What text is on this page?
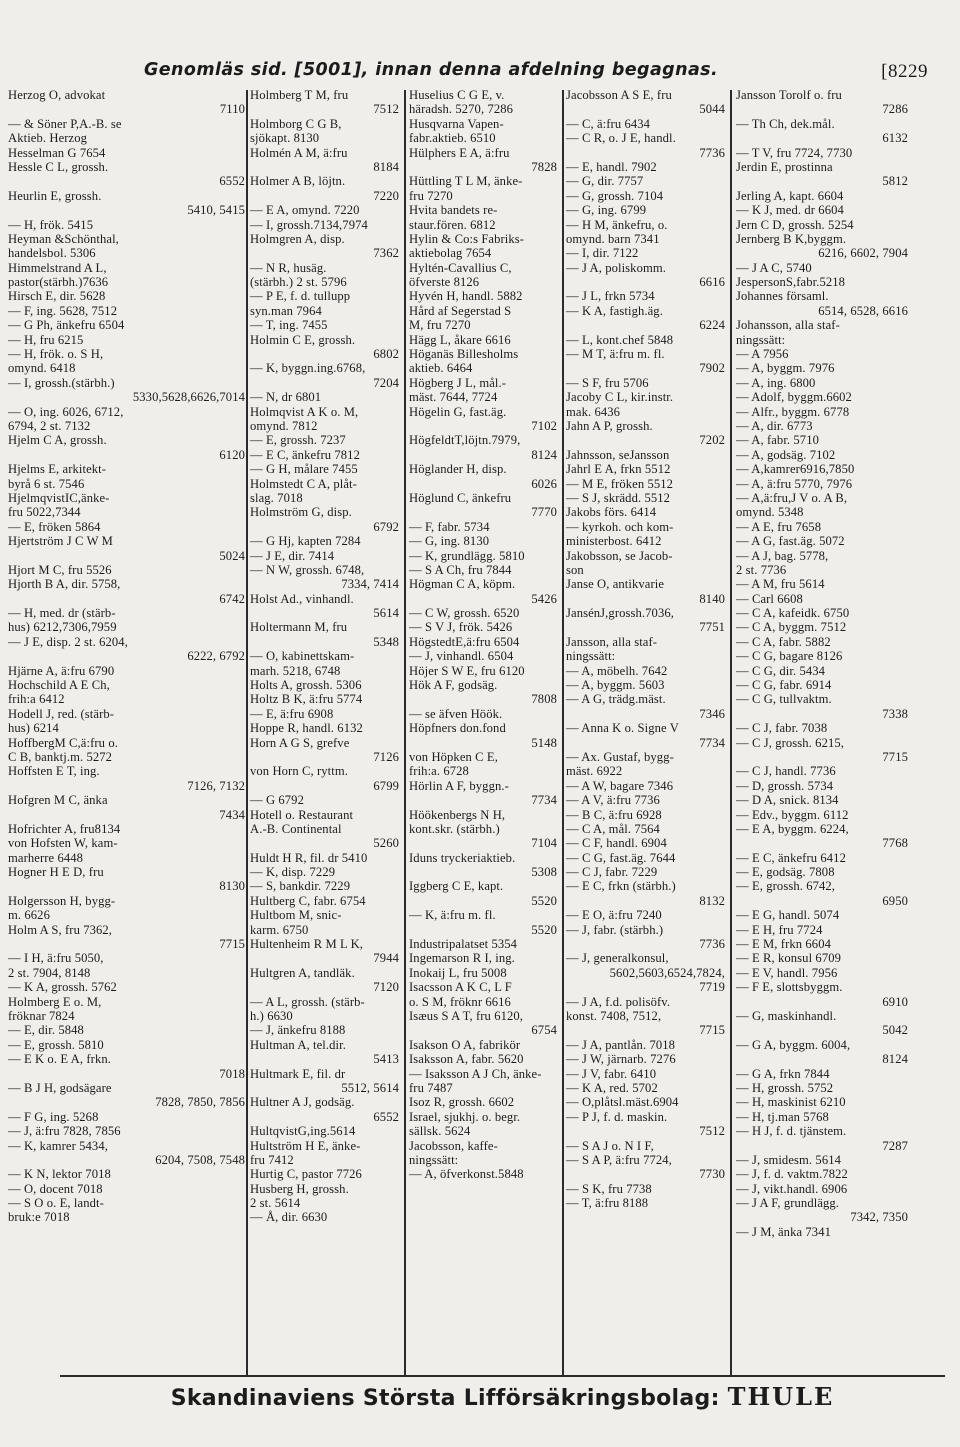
Genomläs sid. [5001], innan denna afdelning begagnas.	[8229
Herzog O, advokat
7110
— & Söner P,A.-B. se
Aktieb. Herzog
Hesselman G 7654
Hessle C L, grossh.
6552
Heurlin E, grossh.
5410, 5415
— H, frök. 5415
Heyman &Schönthal,
handelsbol. 5306
Himmelstrand A L,
pastor(stärbh.)7636
Hirsch E, dir. 5628
— F, ing. 5628, 7512
— G Ph, änkefru 6504
— H, fru 6215
— H, frök. o. S H,
omynd. 6418
— I, grossh.(stärbh.)
5330,5628,6626,7014
— O, ing. 6026, 6712,
6794, 2 st. 7132
Hjelm C A, grossh.
6120
Hjelms E, arkitekt-
byrå 6 st. 7546
HjelmqvistIC,änke-
fru 5022,7344
— E, fröken 5864
Hjertström J C W M
5024
Hjort M C, fru 5526
Hjorth B A, dir. 5758,
6742
— H, med. dr (stärb-
hus) 6212,7306,7959
— J E, disp. 2 st. 6204,
6222, 6792
Hjärne A, ä:fru 6790
Hochschild A E Ch,
frih:a 6412
Hodell J, red. (stärb-
hus) 6214
HoffbergM C,ä:fru o.
C B, banktj.m. 5272
Hoffsten E T, ing.
7126, 7132
Hofgren M C, änka
7434
Hofrichter A, fru8134
von Hofsten W, kam-
marherre 6448
Hogner H E D, fru
8130
Holgersson H, bygg-
m. 6626
Holm A S, fru 7362,
7715
— I H, ä:fru 5050,
2 st. 7904, 8148
— K A, grossh. 5762
Holmberg E o. M,
fröknar 7824
— E, dir. 5848
— E, grossh. 5810
— E K o. E A, frkn.
7018
— B J H, godsägare
7828, 7850, 7856
— F G, ing. 5268
— J, ä:fru 7828, 7856
— K, kamrer 5434,
6204, 7508, 7548
— K N, lektor 7018
— O, docent 7018
— S O o. E, landt-
bruk:e 7018
Holmberg T M, fru
7512
Holmborg C G B,
sjökapt. 8130
Holmén A M, ä:fru
8184
Holmer A B, löjtn.
7220
— E A, omynd. 7220
— I, grossh.7134,7974
Holmgren A, disp.
7362
— N R, husäg.
(stärbh.) 2 st. 5796
— P E, f. d. tullupp
syn.man 7964
— T, ing. 7455
Holmin C E, grossh.
6802
— K, byggn.ing.6768,
7204
— N, dr 6801
Holmqvist A K o. M,
omynd. 7812
— E, grossh. 7237
— E C, änkefru 7812
— G H, målare 7455
Holmstedt C A, plåt-
slag. 7018
Holmström G, disp.
6792
— G Hj, kapten 7284
— J E, dir. 7414
— N W, grossh. 6748,
7334, 7414
Holst Ad., vinhandl.
5614
Holtermann M, fru
5348
— O, kabinettskam-
marh. 5218, 6748
Holts A, grossh. 5306
Holtz B K, ä:fru 5774
— E, ä:fru 6908
Hoppe R, handl. 6132
Horn A G S, grefve
7126
von Horn C, ryttm.
6799
— G 6792
Hotell o. Restaurant
A.-B. Continental
5260
Huldt H R, fil. dr 5410
— K, disp. 7229
— S, bankdir. 7229
Hultberg C, fabr. 6754
Hultbom M, snic-
karm. 6750
Hultenheim R M L K,
7944
Hultgren A, tandläk.
7120
— A L, grossh. (stärb-
h.) 6630
— J, änkefru 8188
Hultman A, tel.dir.
5413
Hultmark E, fil. dr
5512, 5614
Hultner A J, godsäg.
6552
HultqvistG,ing.5614
Hultström H E, änke-
fru 7412
Hurtig C, pastor 7726
Husberg H, grossh.
2 st. 5614
— Å, dir. 6630
Huselius C G E, v.
häradsh. 5270, 7286
Husqvarna Vapen-
fabr.aktieb. 6510
Hülphers E A, ä:fru
7828
Hüttling T L M, änke-
fru 7270
Hvita bandets re-
staur.fören. 6812
Hylin & Co:s Fabriks-
aktiebolag 7654
Hyltén-Cavallius C,
öfverste 8126
Hyvén H, handl. 5882
Hård af Segerstad S
M, fru 7270
Hägg L, åkare 6616
Höganäs Billesholms
aktieb. 6464
Högberg J L, mål.-
mäst. 7644, 7724
Högelin G, fast.äg.
7102
HögfeldtT,löjtn.7979,
8124
Höglander H, disp.
6026
Höglund C, änkefru
7770
— F, fabr. 5734
— G, ing. 8130
— K, grundlägg. 5810
— S A Ch, fru 7844
Högman C A, köpm.
5426
— C W, grossh. 6520
— S V J, frök. 5426
HögstedtE,ä:fru 6504
— J, vinhandl. 6504
Höjer S W E, fru 6120
Hök A F, godsäg.
7808
— se äfven Höök.
Höpfners don.fond
5148
von Höpken C E,
frih:a. 6728
Hörlin A F, byggn.-
7734
Höökenbergs N H,
kont.skr. (stärbh.)
7104
Iduns tryckeriaktieb.
5308
Iggberg C E, kapt.
5520
— K, ä:fru m. fl.
5520
Industripalatset 5354
Ingemarson R I, ing.
Inokaij L, fru 5008
Isacsson A K C, L F
o. S M, fröknr 6616
Isæus S A T, fru 6120,
6754
Isakson O A, fabrikör
Isaksson A, fabr. 5620
— Isaksson A J Ch, änke-
fru 7487
Isoz R, grossh. 6602
Israel, sjukhj. o. begr.
sällsk. 5624
Jacobsson, kaffe-
ningssätt:
— A, öfverkonst.5848
Jacobsson A S E, fru
5044
— C, ä:fru 6434
— C R, o. J E, handl.
7736
— E, handl. 7902
— G, dir. 7757
— G, grossh. 7104
— G, ing. 6799
— H M, änkefru, o.
omynd. barn 7341
— I, dir. 7122
— J A, poliskomm.
6616
— J L, frkn 5734
— K A, fastigh.äg.
6224
— L, kont.chef 5848
— M T, ä:fru m. fl.
7902
— S F, fru 5706
Jacoby C L, kir.instr.
mak. 6436
Jahn A P, grossh.
7202
Jahnsson, seJansson
Jahrl E A, frkn 5512
— M E, fröken 5512
— S J, skrädd. 5512
Jakobs förs. 6414
— kyrkoh. och kom-
ministerbost. 6412
Jakobsson, se Jacob-
son
Janse O, antikvarie
8140
JansénJ,grossh.7036,
7751
Jansson, alla staf-
ningssätt:
— A, möbelh. 7642
— A, byggm. 5603
— A G, trädg.mäst.
7346
— Anna K o. Signe V
7734
— Ax. Gustaf, bygg-
mäst. 6922
— A W, bagare 7346
— A V, ä:fru 7736
— B C, ä:fru 6928
— C A, mål. 7564
— C F, handl. 6904
— C G, fast.äg. 7644
— C J, fabr. 7229
— E C, frkn (stärbh.)
8132
— E O, ä:fru 7240
— J, fabr. (stärbh.)
7736
— J, generalkonsul,
5602,5603,6524,7824,
7719
— J A, f.d. polisöfv.
konst. 7408, 7512,
7715
— J A, pantlån. 7018
— J W, järnarb. 7276
— J V, fabr. 6410
— K A, red. 5702
— O,plåtsl.mäst.6904
— P J, f. d. maskin.
7512
— S A J o. N I F,
— S A P, ä:fru 7724,
7730
— S K, fru 7738
— T, ä:fru 8188
Jansson Torolf o. fru
7286
— Th Ch, dek.mål.
6132
— T V, fru 7724, 7730
Jerdin E, prostinna
5812
Jerling A, kapt. 6604
— K J, med. dr 6604
Jern C D, grossh. 5254
Jernberg B K,byggm.
6216, 6602, 7904
— J A C, 5740
JespersonS,fabr.5218
Johannes församl.
6514, 6528, 6616
Johansson, alla staf-
ningssätt:
— A 7956
— A, byggm. 7976
— A, ing. 6800
— Adolf, byggm.6602
— Alfr., byggm. 6778
— A, dir. 6773
— A, fabr. 5710
— A, godsäg. 7102
— A,kamrer6916,7850
— A, ä:fru 5770, 7976
— A,ä:fru,J V o. A B,
omynd. 5348
— A E, fru 7658
— A G, fast.äg. 5072
— A J, bag. 5778,
2 st. 7736
— A M, fru 5614
— Carl 6608
— C A, kafeidk. 6750
— C A, byggm. 7512
— C A, fabr. 5882
— C G, bagare 8126
— C G, dir. 5434
— C G, fabr. 6914
— C G, tullvaktm.
7338
— C J, fabr. 7038
— C J, grossh. 6215,
7715
— C J, handl. 7736
— D, grossh. 5734
— D A, snick. 8134
— Edv., byggm. 6112
— E A, byggm. 6224,
7768
— E C, änkefru 6412
— E, godsäg. 7808
— E, grossh. 6742,
6950
— E G, handl. 5074
— E H, fru 7724
— E M, frkn 6604
— E R, konsul 6709
— E V, handl. 7956
— F E, slottsbyggm.
6910
— G, maskinhandl.
5042
— G A, byggm. 6004,
8124
— G A, frkn 7844
— H, grossh. 5752
— H, maskinist 6210
— H, tj.man 5768
— H J, f. d. tjänstem.
7287
— J, smidesm. 5614
— J, f. d. vaktm.7822
— J, vikt.handl. 6906
— J A F, grundlägg.
7342, 7350
— J M, änka 7341
Skandinaviens Största Lifförsäkringsbolag: THULE
